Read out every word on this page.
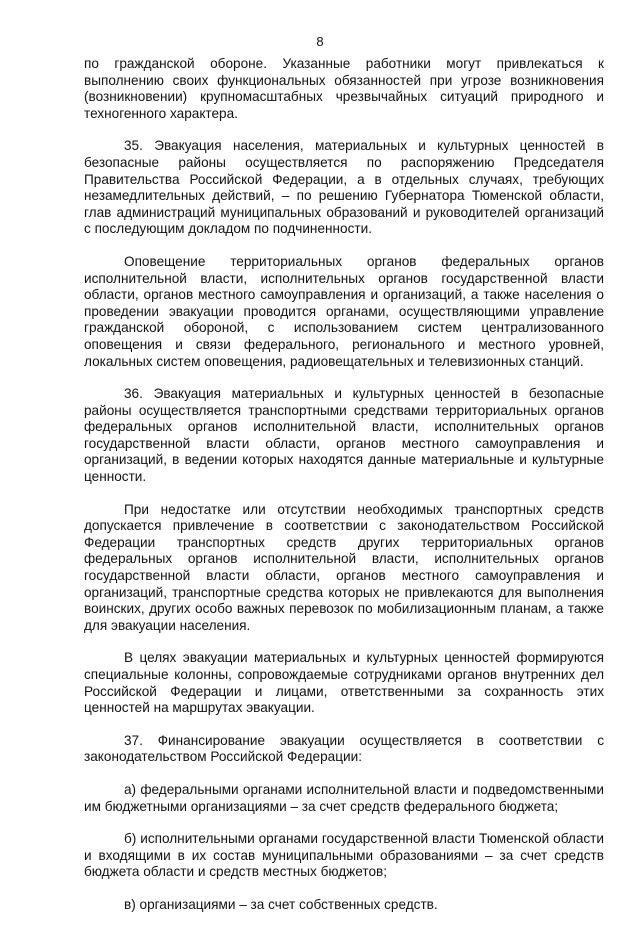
8

по гражданской обороне. Указанные работники могут привлекаться к выполнению своих функциональных обязанностей при угрозе возникновения (возникновении) крупномасштабных чрезвычайных ситуаций природного и техногенного характера.

35. Эвакуация населения, материальных и культурных ценностей в безопасные районы осуществляется по распоряжению Председателя Правительства Российской Федерации, а в отдельных случаях, требующих незамедлительных действий, – по решению Губернатора Тюменской области, глав администраций муниципальных образований и руководителей организаций с последующим докладом по подчиненности.

Оповещение территориальных органов федеральных органов исполнительной власти, исполнительных органов государственной власти области, органов местного самоуправления и организаций, а также населения о проведении эвакуации проводится органами, осуществляющими управление гражданской обороной, с использованием систем централизованного оповещения и связи федерального, регионального и местного уровней, локальных систем оповещения, радиовещательных и телевизионных станций.

36. Эвакуация материальных и культурных ценностей в безопасные районы осуществляется транспортными средствами территориальных органов федеральных органов исполнительной власти, исполнительных органов государственной власти области, органов местного самоуправления и организаций, в ведении которых находятся данные материальные и культурные ценности.

При недостатке или отсутствии необходимых транспортных средств допускается привлечение в соответствии с законодательством Российской Федерации транспортных средств других территориальных органов федеральных органов исполнительной власти, исполнительных органов государственной власти области, органов местного самоуправления и организаций, транспортные средства которых не привлекаются для выполнения воинских, других особо важных перевозок по мобилизационным планам, а также для эвакуации населения.

В целях эвакуации материальных и культурных ценностей формируются специальные колонны, сопровождаемые сотрудниками органов внутренних дел Российской Федерации и лицами, ответственными за сохранность этих ценностей на маршрутах эвакуации.

37. Финансирование эвакуации осуществляется в соответствии с законодательством Российской Федерации:

а) федеральными органами исполнительной власти и подведомственными им бюджетными организациями – за счет средств федерального бюджета;

б) исполнительными органами государственной власти Тюменской области и входящими в их состав муниципальными образованиями – за счет средств бюджета области и средств местных бюджетов;

в) организациями – за счет собственных средств.
